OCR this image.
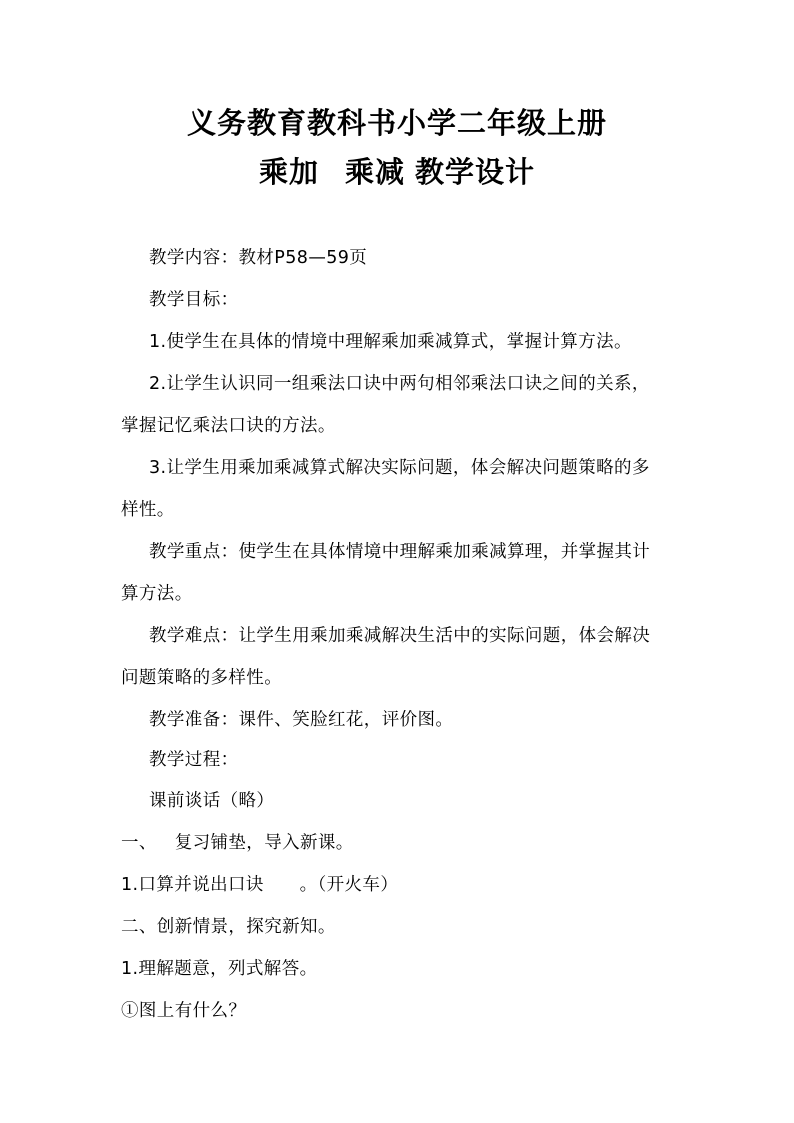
义务教育教科书小学二年级上册
乘加 乘减 教学设计
教学内容：教材P58—59页
教学目标：
1.使学生在具体的情境中理解乘加乘减算式，掌握计算方法。
2.让学生认识同一组乘法口诀中两句相邻乘法口诀之间的关系，
掌握记忆乘法口诀的方法。
3.让学生用乘加乘减算式解决实际问题，体会解决问题策略的多
样性。
教学重点：使学生在具体情境中理解乘加乘减算理，并掌握其计
算方法。
教学难点：让学生用乘加乘减解决生活中的实际问题，体会解决
问题策略的多样性。
教学准备：课件、笑脸红花，评价图。
教学过程：
课前谈话（略）
一、   复习铺垫，导入新课。
1.口算并说出口诀      。（开火车）
二、创新情景，探究新知。
1.理解题意，列式解答。
①图上有什么？
